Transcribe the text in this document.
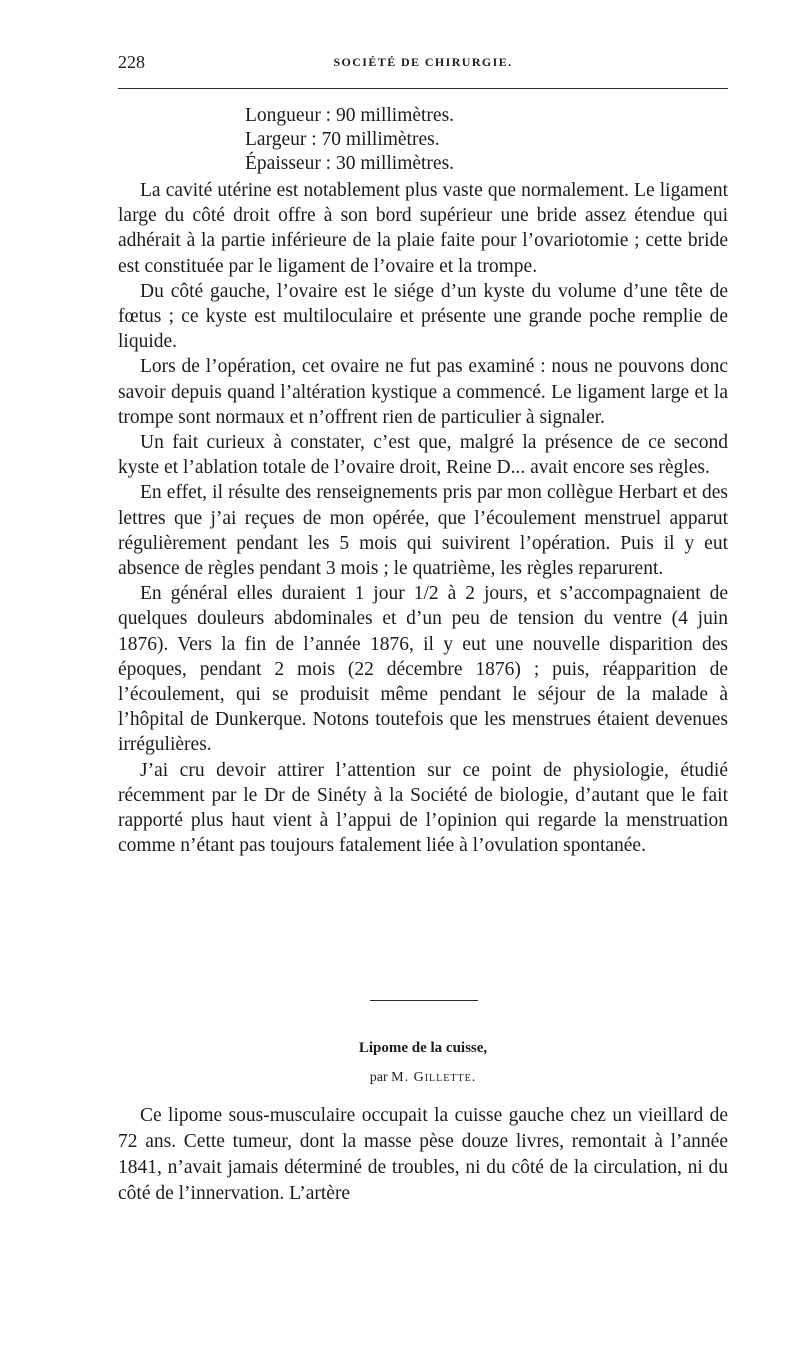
228	SOCIÉTÉ DE CHIRURGIE.
Longueur : 90 millimètres.
Largeur : 70 millimètres.
Épaisseur : 30 millimètres.

La cavité utérine est notablement plus vaste que normalement. Le ligament large du côté droit offre à son bord supérieur une bride assez étendue qui adhérait à la partie inférieure de la plaie faite pour l’ovariotomie ; cette bride est constituée par le ligament de l’ovaire et la trompe.

Du côté gauche, l’ovaire est le siége d’un kyste du volume d’une tête de fœtus ; ce kyste est multiloculaire et présente une grande poche remplie de liquide.

Lors de l’opération, cet ovaire ne fut pas examiné : nous ne pouvons donc savoir depuis quand l’altération kystique a commencé. Le ligament large et la trompe sont normaux et n’offrent rien de particulier à signaler.

Un fait curieux à constater, c’est que, malgré la présence de ce second kyste et l’ablation totale de l’ovaire droit, Reine D... avait encore ses règles.

En effet, il résulte des renseignements pris par mon collègue Herbart et des lettres que j’ai reçues de mon opérée, que l’écoulement menstruel apparut régulièrement pendant les 5 mois qui suivirent l’opération. Puis il y eut absence de règles pendant 3 mois ; le quatrième, les règles reparurent.

En général elles duraient 1 jour 1/2 à 2 jours, et s’accompagnaient de quelques douleurs abdominales et d’un peu de tension du ventre (4 juin 1876). Vers la fin de l’année 1876, il y eut une nouvelle disparition des époques, pendant 2 mois (22 décembre 1876) ; puis, réapparition de l’écoulement, qui se produisit même pendant le séjour de la malade à l’hôpital de Dunkerque. Notons toutefois que les menstrues étaient devenues irrégulières.

J’ai cru devoir attirer l’attention sur ce point de physiologie, étudié récemment par le Dr de Sinéty à la Société de biologie, d’autant que le fait rapporté plus haut vient à l’appui de l’opinion qui regarde la menstruation comme n’étant pas toujours fatalement liée à l’ovulation spontanée.

Lipome de la cuisse,
par M. Gillette.

Ce lipome sous-musculaire occupait la cuisse gauche chez un vieillard de 72 ans. Cette tumeur, dont la masse pèse douze livres, remontait à l’année 1841, n’avait jamais déterminé de troubles, ni du côté de la circulation, ni du côté de l’innervation. L’artère
